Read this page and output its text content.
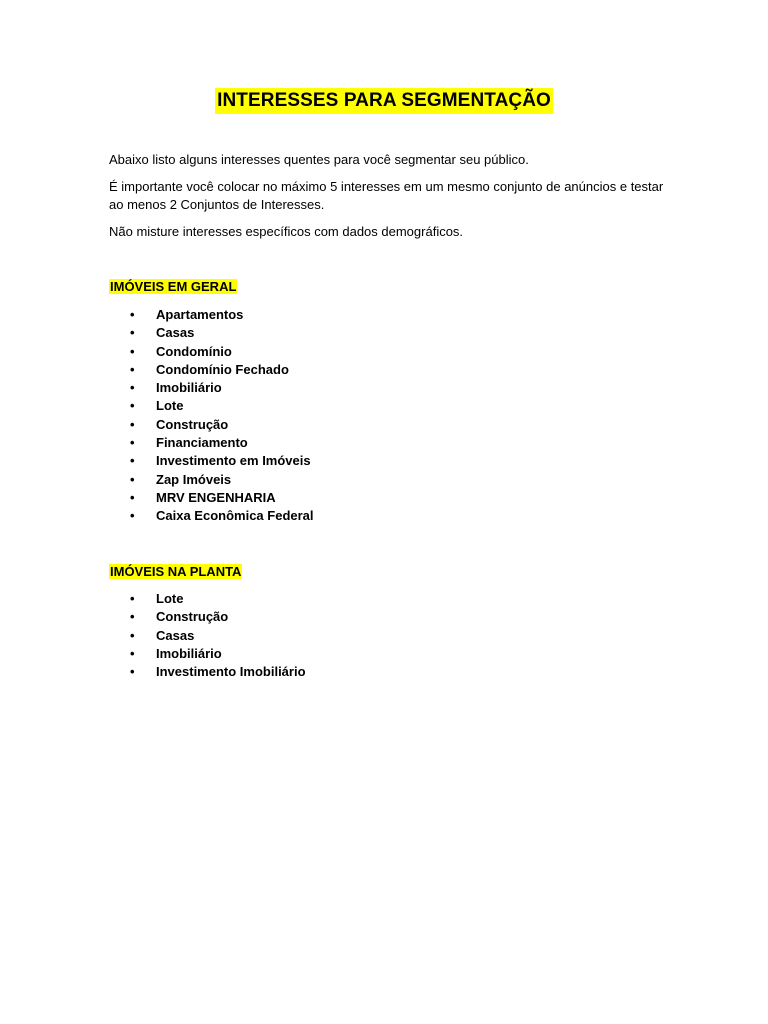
INTERESSES PARA SEGMENTAÇÃO

Abaixo listo alguns interesses quentes para você segmentar seu público.

É importante você colocar no máximo 5 interesses em um mesmo conjunto de anúncios e testar ao menos 2 Conjuntos de Interesses.

Não misture interesses específicos com dados demográficos.

IMÓVEIS EM GERAL
• Apartamentos
• Casas
• Condomínio
• Condomínio Fechado
• Imobiliário
• Lote
• Construção
• Financiamento
• Investimento em Imóveis
• Zap Imóveis
• MRV ENGENHARIA
• Caixa Econômica Federal
IMÓVEIS NA PLANTA
• Lote
• Construção
• Casas
• Imobiliário
• Investimento Imobiliário
